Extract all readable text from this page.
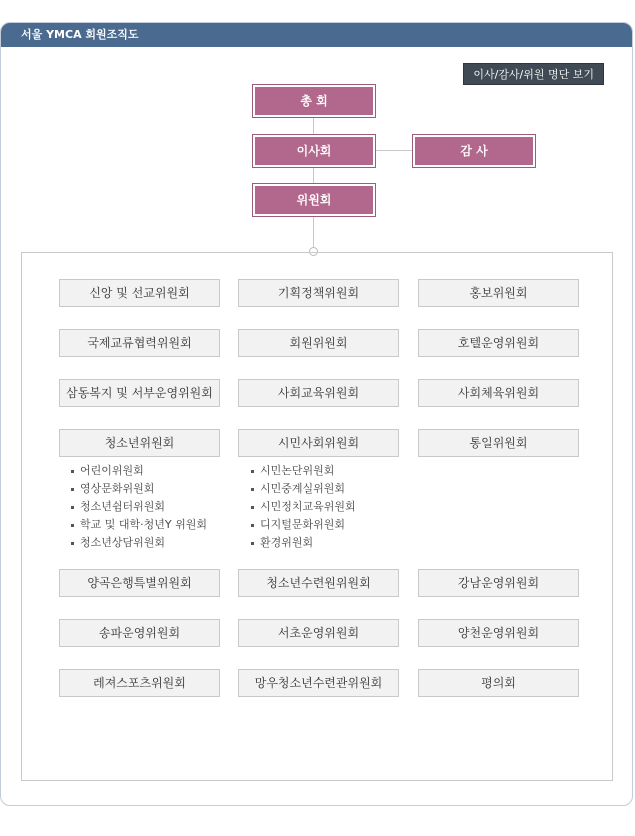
서울 YMCA 회원조직도
이사/감사/위원 명단 보기
총 회
이사회	감 사
위원회
신앙 및 선교위원회	기획정책위원회	홍보위원회
국제교류협력위원회	회원위원회	호텔운영위원회
삼동복지 및 서부운영위원회	사회교육위원회	사회체육위원회
청소년위원회	시민사회위원회	통일위원회
어린이위원회
영상문화위원회
청소년쉼터위원회
학교 및 대학·청년Y 위원회
청소년상담위원회
시민논단위원회
시민중계실위원회
시민정치교육위원회
디지털문화위원회
환경위원회
양곡은행특별위원회	청소년수련원위원회	강남운영위원회
송파운영위원회	서초운영위원회	양천운영위원회
레져스포츠위원회	망우청소년수련관위원회	평의회
